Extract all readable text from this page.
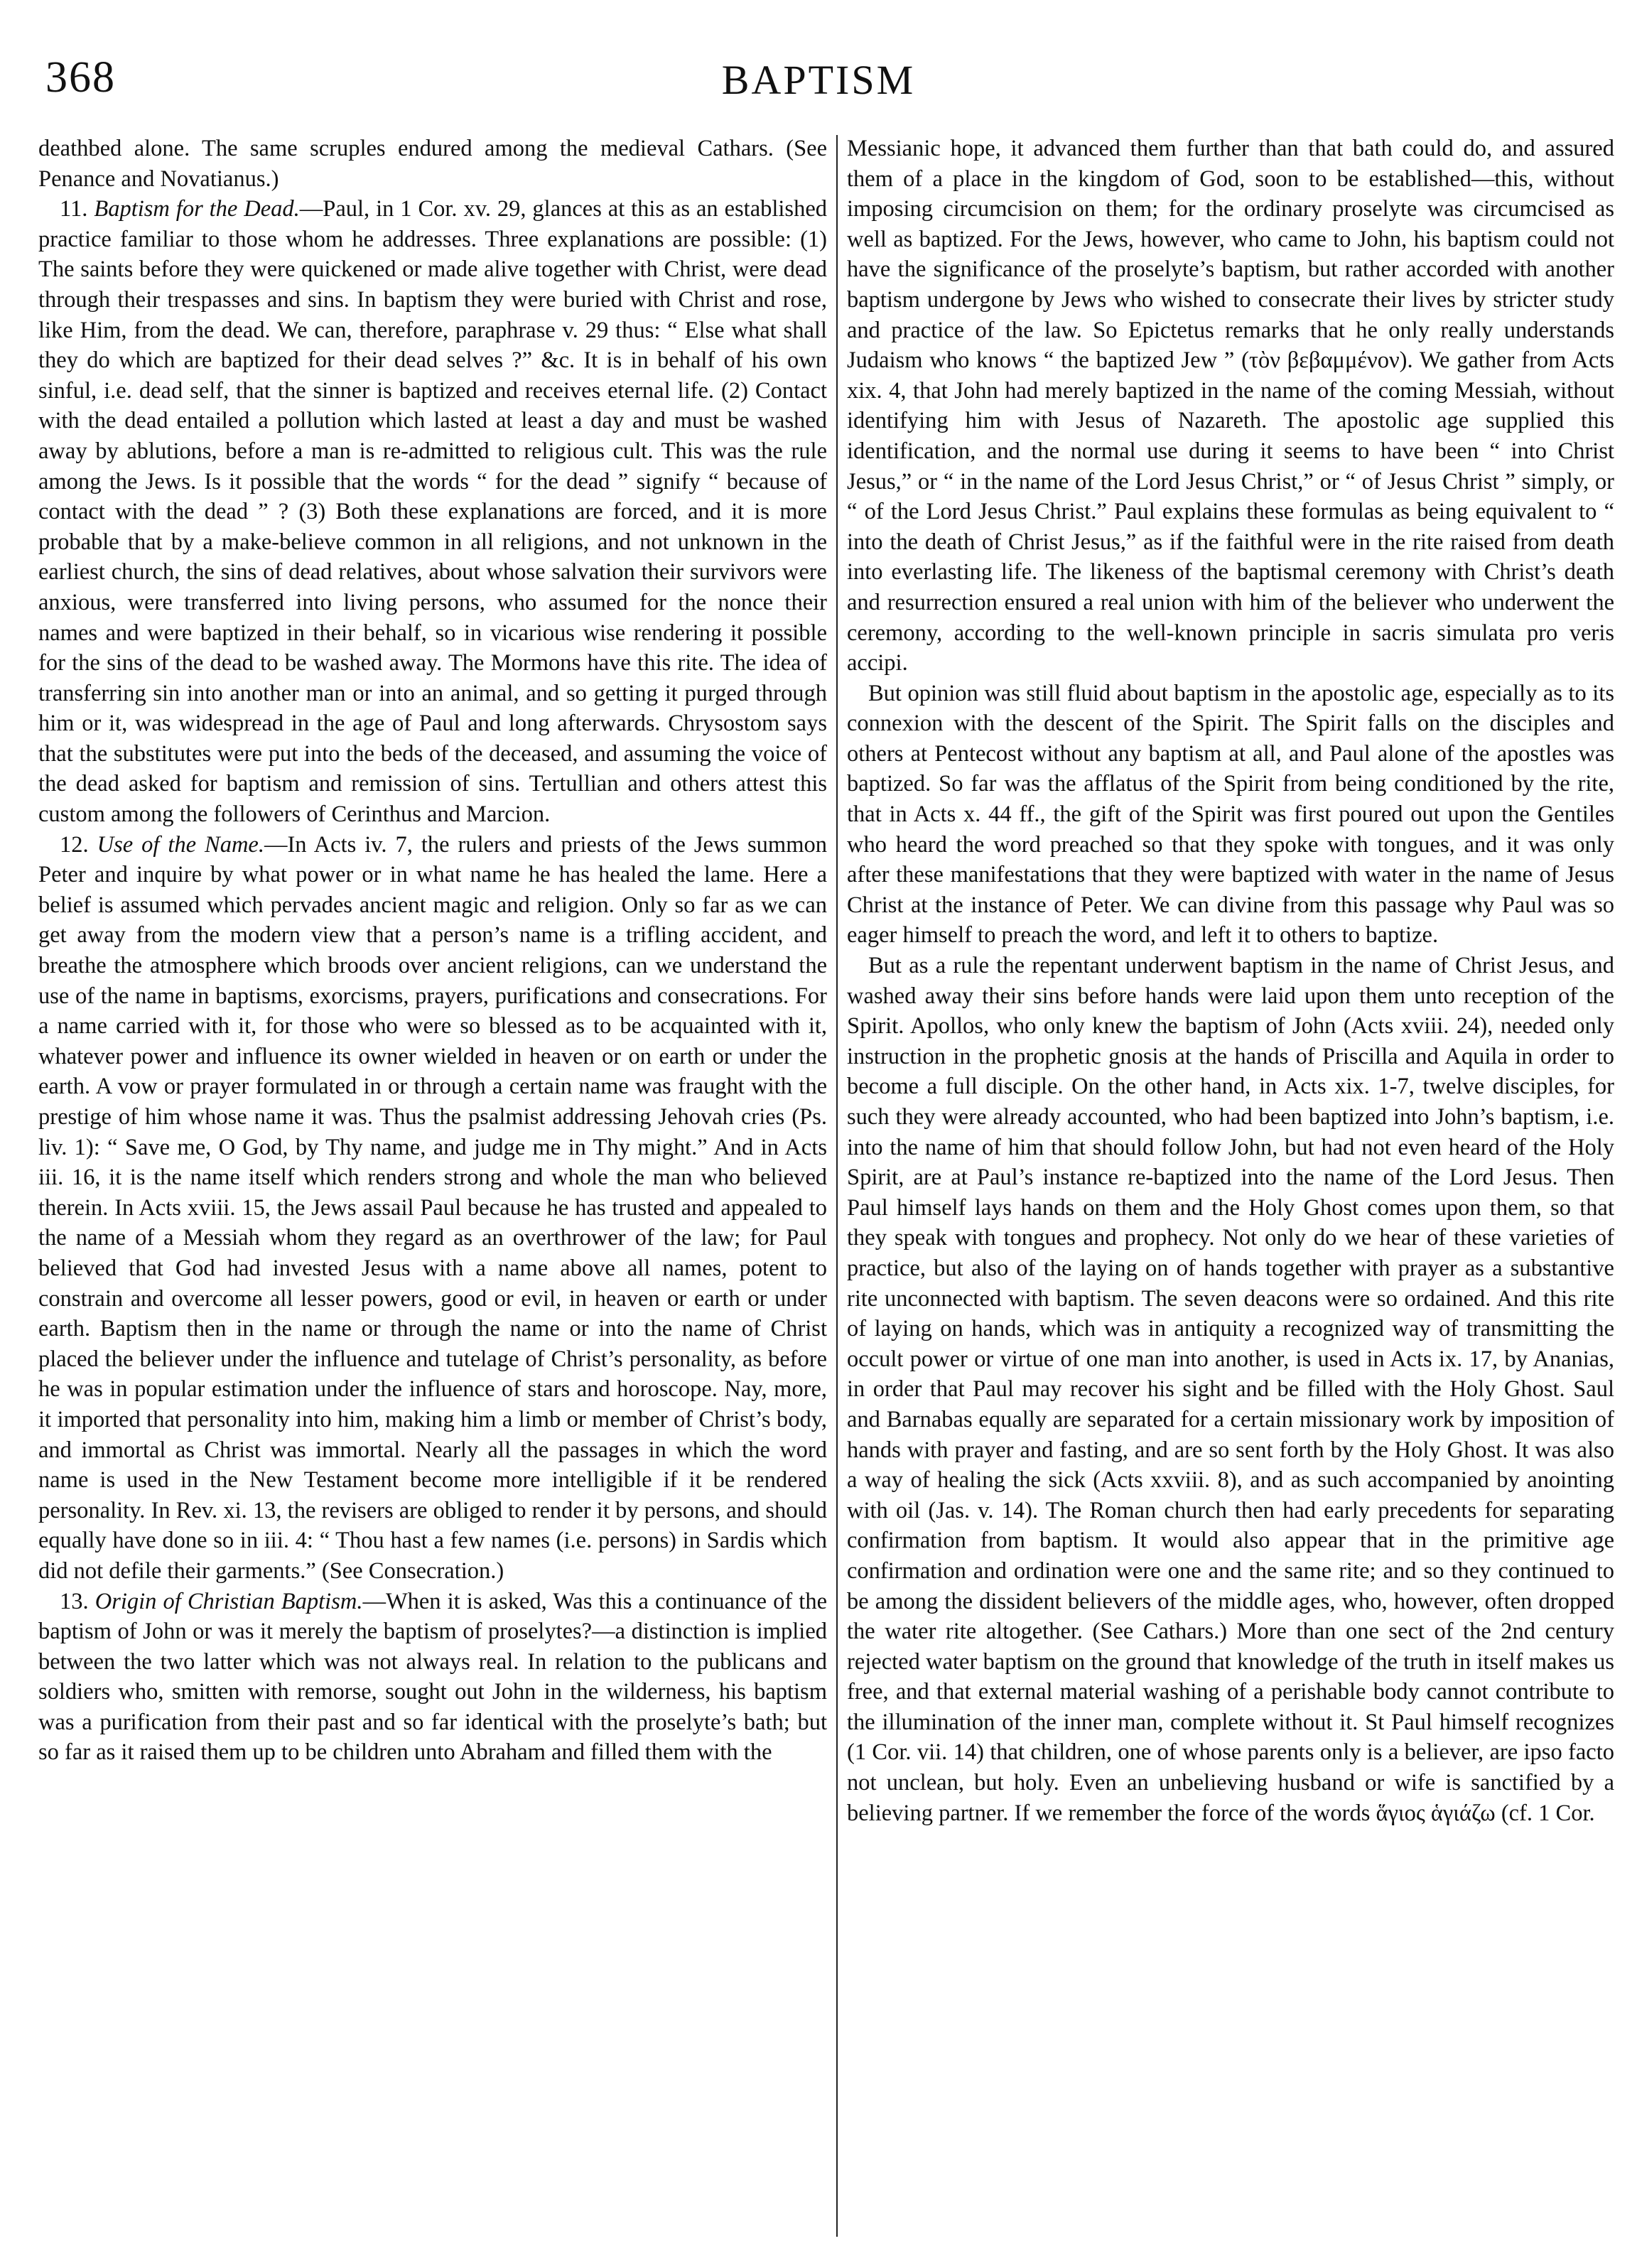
368	BAPTISM

deathbed alone. The same scruples endured among the medieval Cathars. (See Penance and Novatianus.)

11. Baptism for the Dead.—Paul, in 1 Cor. xv. 29, glances at this as an established practice familiar to those whom he addresses. Three explanations are possible: (1) The saints before they were quickened or made alive together with Christ, were dead through their trespasses and sins. In baptism they were buried with Christ and rose, like Him, from the dead. We can, therefore, paraphrase v. 29 thus: “ Else what shall they do which are baptized for their dead selves ?” &c. It is in behalf of his own sinful, i.e. dead self, that the sinner is baptized and receives eternal life. (2) Contact with the dead entailed a pollution which lasted at least a day and must be washed away by ablutions, before a man is re-admitted to religious cult. This was the rule among the Jews. Is it possible that the words “ for the dead ” signify “ because of contact with the dead ” ? (3) Both these explanations are forced, and it is more probable that by a make-believe common in all religions, and not unknown in the earliest church, the sins of dead relatives, about whose salvation their survivors were anxious, were transferred into living persons, who assumed for the nonce their names and were baptized in their behalf, so in vicarious wise rendering it possible for the sins of the dead to be washed away. The Mormons have this rite. The idea of transferring sin into another man or into an animal, and so getting it purged through him or it, was widespread in the age of Paul and long afterwards. Chrysostom says that the substitutes were put into the beds of the deceased, and assuming the voice of the dead asked for baptism and remission of sins. Tertullian and others attest this custom among the followers of Cerinthus and Marcion.

12. Use of the Name.—In Acts iv. 7, the rulers and priests of the Jews summon Peter and inquire by what power or in what name he has healed the lame. Here a belief is assumed which pervades ancient magic and religion. Only so far as we can get away from the modern view that a person’s name is a trifling accident, and breathe the atmosphere which broods over ancient religions, can we understand the use of the name in baptisms, exorcisms, prayers, purifications and consecrations. For a name carried with it, for those who were so blessed as to be acquainted with it, whatever power and influence its owner wielded in heaven or on earth or under the earth. A vow or prayer formulated in or through a certain name was fraught with the prestige of him whose name it was. Thus the psalmist addressing Jehovah cries (Ps. liv. 1): “ Save me, O God, by Thy name, and judge me in Thy might.” And in Acts iii. 16, it is the name itself which renders strong and whole the man who believed therein. In Acts xviii. 15, the Jews assail Paul because he has trusted and appealed to the name of a Messiah whom they regard as an overthrower of the law; for Paul believed that God had invested Jesus with a name above all names, potent to constrain and overcome all lesser powers, good or evil, in heaven or earth or under earth. Baptism then in the name or through the name or into the name of Christ placed the believer under the influence and tutelage of Christ’s personality, as before he was in popular estimation under the influence of stars and horoscope. Nay, more, it imported that personality into him, making him a limb or member of Christ’s body, and immortal as Christ was immortal. Nearly all the passages in which the word name is used in the New Testament become more intelligible if it be rendered personality. In Rev. xi. 13, the revisers are obliged to render it by persons, and should equally have done so in iii. 4: “ Thou hast a few names (i.e. persons) in Sardis which did not defile their garments.” (See Consecration.)

13. Origin of Christian Baptism.—When it is asked, Was this a continuance of the baptism of John or was it merely the baptism of proselytes?—a distinction is implied between the two latter which was not always real. In relation to the publicans and soldiers who, smitten with remorse, sought out John in the wilderness, his baptism was a purification from their past and so far identical with the proselyte’s bath; but so far as it raised them up to be children unto Abraham and filled them with the

Messianic hope, it advanced them further than that bath could do, and assured them of a place in the kingdom of God, soon to be established—this, without imposing circumcision on them; for the ordinary proselyte was circumcised as well as baptized. For the Jews, however, who came to John, his baptism could not have the significance of the proselyte’s baptism, but rather accorded with another baptism undergone by Jews who wished to consecrate their lives by stricter study and practice of the law. So Epictetus remarks that he only really understands Judaism who knows “ the baptized Jew ” (τὸν βεβαμμένον). We gather from Acts xix. 4, that John had merely baptized in the name of the coming Messiah, without identifying him with Jesus of Nazareth. The apostolic age supplied this identification, and the normal use during it seems to have been “ into Christ Jesus,” or “ in the name of the Lord Jesus Christ,” or “ of Jesus Christ ” simply, or “ of the Lord Jesus Christ.” Paul explains these formulas as being equivalent to “ into the death of Christ Jesus,” as if the faithful were in the rite raised from death into everlasting life. The likeness of the baptismal ceremony with Christ’s death and resurrection ensured a real union with him of the believer who underwent the ceremony, according to the well-known principle in sacris simulata pro veris accipi.

But opinion was still fluid about baptism in the apostolic age, especially as to its connexion with the descent of the Spirit. The Spirit falls on the disciples and others at Pentecost without any baptism at all, and Paul alone of the apostles was baptized. So far was the afflatus of the Spirit from being conditioned by the rite, that in Acts x. 44 ff., the gift of the Spirit was first poured out upon the Gentiles who heard the word preached so that they spoke with tongues, and it was only after these manifestations that they were baptized with water in the name of Jesus Christ at the instance of Peter. We can divine from this passage why Paul was so eager himself to preach the word, and left it to others to baptize.

But as a rule the repentant underwent baptism in the name of Christ Jesus, and washed away their sins before hands were laid upon them unto reception of the Spirit. Apollos, who only knew the baptism of John (Acts xviii. 24), needed only instruction in the prophetic gnosis at the hands of Priscilla and Aquila in order to become a full disciple. On the other hand, in Acts xix. 1-7, twelve disciples, for such they were already accounted, who had been baptized into John’s baptism, i.e. into the name of him that should follow John, but had not even heard of the Holy Spirit, are at Paul’s instance re-baptized into the name of the Lord Jesus. Then Paul himself lays hands on them and the Holy Ghost comes upon them, so that they speak with tongues and prophecy. Not only do we hear of these varieties of practice, but also of the laying on of hands together with prayer as a substantive rite unconnected with baptism. The seven deacons were so ordained. And this rite of laying on hands, which was in antiquity a recognized way of transmitting the occult power or virtue of one man into another, is used in Acts ix. 17, by Ananias, in order that Paul may recover his sight and be filled with the Holy Ghost. Saul and Barnabas equally are separated for a certain missionary work by imposition of hands with prayer and fasting, and are so sent forth by the Holy Ghost. It was also a way of healing the sick (Acts xxviii. 8), and as such accompanied by anointing with oil (Jas. v. 14). The Roman church then had early precedents for separating confirmation from baptism. It would also appear that in the primitive age confirmation and ordination were one and the same rite; and so they continued to be among the dissident believers of the middle ages, who, however, often dropped the water rite altogether. (See Cathars.) More than one sect of the 2nd century rejected water baptism on the ground that knowledge of the truth in itself makes us free, and that external material washing of a perishable body cannot contribute to the illumination of the inner man, complete without it. St Paul himself recognizes (1 Cor. vii. 14) that children, one of whose parents only is a believer, are ipso facto not unclean, but holy. Even an unbelieving husband or wife is sanctified by a believing partner. If we remember the force of the words ἅγιος ἁγιάζω (cf. 1 Cor.
